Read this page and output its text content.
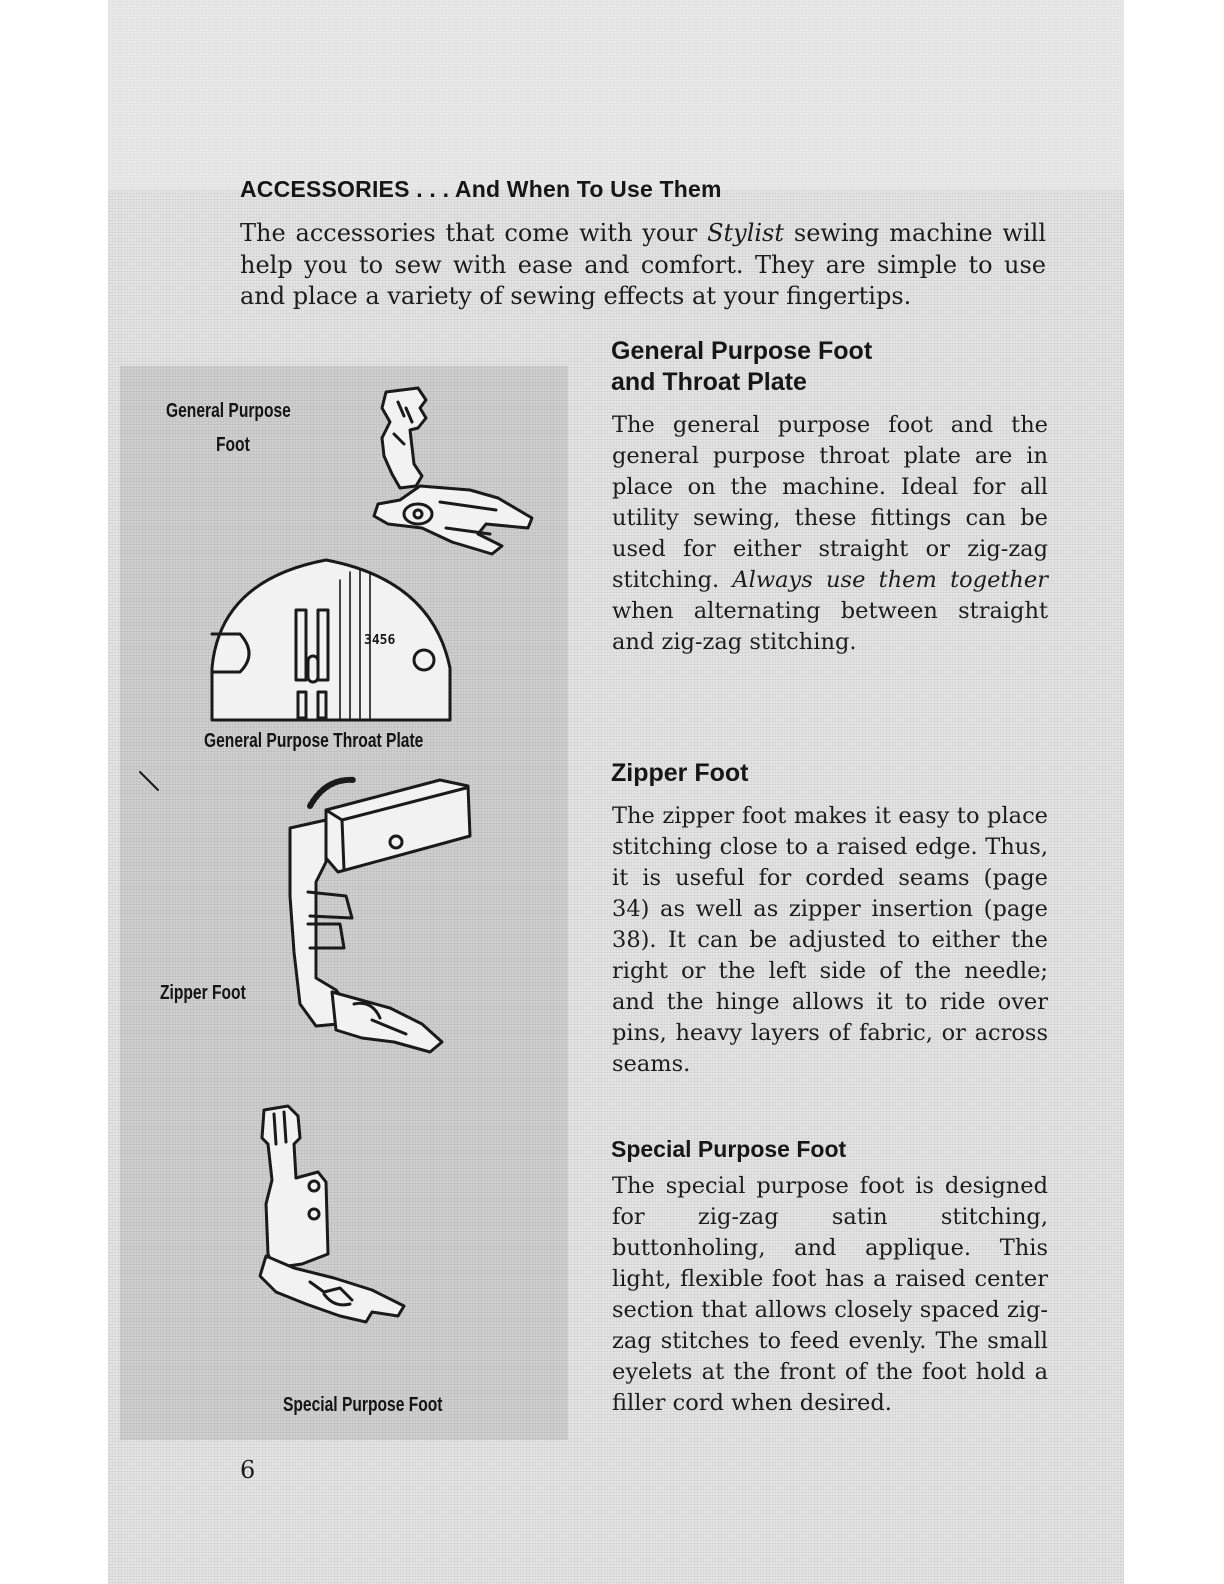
ACCESSORIES . . . And When To Use Them
The accessories that come with your Stylist sewing machine will help you to sew with ease and comfort. They are simple to use and place a variety of sewing effects at your fingertips.
General Purpose
Foot
3456
General Purpose Throat Plate
Zipper Foot
Special Purpose Foot
General Purpose Foot
and Throat Plate
The general purpose foot and the general purpose throat plate are in place on the machine. Ideal for all utility sewing, these fittings can be used for either straight or zig-zag stitching. Always use them together when alternating between straight and zig-zag stitching.
Zipper Foot
The zipper foot makes it easy to place stitching close to a raised edge. Thus, it is useful for corded seams (page 34) as well as zipper insertion (page 38). It can be adjusted to either the right or the left side of the needle; and the hinge allows it to ride over pins, heavy layers of fabric, or across seams.
Special Purpose Foot
The special purpose foot is designed for zig-zag satin stitching, buttonholing, and applique. This light, flexible foot has a raised center section that allows closely spaced zig-zag stitches to feed evenly. The small eyelets at the front of the foot hold a filler cord when desired.
6
